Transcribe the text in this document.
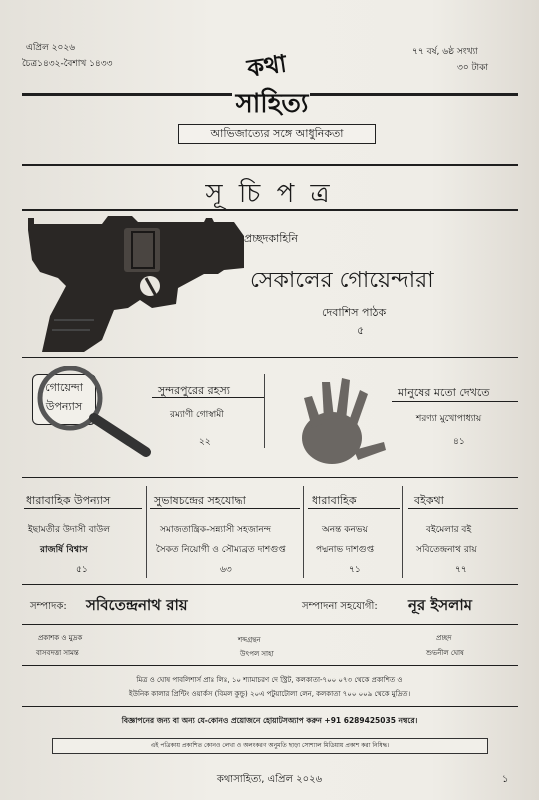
এপ্রিল ২০২৬
চৈত্র১৪৩২-বৈশাখ ১৪৩৩
৭৭ বর্ষ, ৬ষ্ঠ সংখ্যা
৩০ টাকা
কথা
সাহিত্য
আভিজাত্যের সঙ্গে আধুনিকতা
সূ চি প ত্র
প্রচ্ছদকাহিনি
সেকালের গোয়েন্দারা
দেবাশিস পাঠক
৫
গোয়েন্দা
উপন্যাস
সুন্দরপুরের রহস্য
রম্যাণী গোস্বামী
২২
মানুষের মতো দেখতে
শরণ্যা মুখোপাধ্যায়
৪১
ধারাবাহিক উপন্যাস
ইছামতীর উদাসী বাউল
রাজর্ষি বিশ্বাস
৫১
সুভাষচন্দ্রের সহযোদ্ধা
সমাজতান্ত্রিক-সন্ন্যাসী সহজানন্দ
সৈকত নিয়োগী ও সৌম্যব্রত দাশগুপ্ত
৬৩
ধারাবাহিক
অনন্ত কনভয়
পদ্মনাভ দাশগুপ্ত
৭১
বইকথা
বইমেলার বই
সবিতেন্দ্রনাথ রায়
৭৭
সম্পাদক: সবিতেন্দ্রনাথ রায়	সম্পাদনা সহযোগী: নূর ইসলাম
প্রকাশক ও মুদ্রক
বাসবদত্তা সামন্ত
শব্দগ্রন্থন
উৎপল সাহা
প্রচ্ছদ
শুভনীল ঘোষ
মিত্র ও ঘোষ পাবলিশার্স প্রাঃ লিঃ, ১০ শ্যামাচরণ দে স্ট্রিট, কলকাতা-৭০০ ০৭৩ থেকে প্রকাশিত ও
ইউনিক কালার প্রিন্টিং ওয়ার্কস (বিমল কুন্ডু) ২০এ পটুয়াটোলা লেন, কলকাতা ৭০০ ০০৯ থেকে মুদ্রিত।
বিজ্ঞাপনের জন্য বা অন্য যে-কোনও প্রয়োজনে হোয়াটসঅ্যাপ করুন +91 6289425035 নম্বরে।
এই পত্রিকায় প্রকাশিত কোনও লেখা ও অলংকরণ অনুমতি ছাড়া সোশ্যাল মিডিয়ায় প্রকাশ করা নিষিদ্ধ।
কথাসাহিত্য, এপ্রিল ২০২৬	১
